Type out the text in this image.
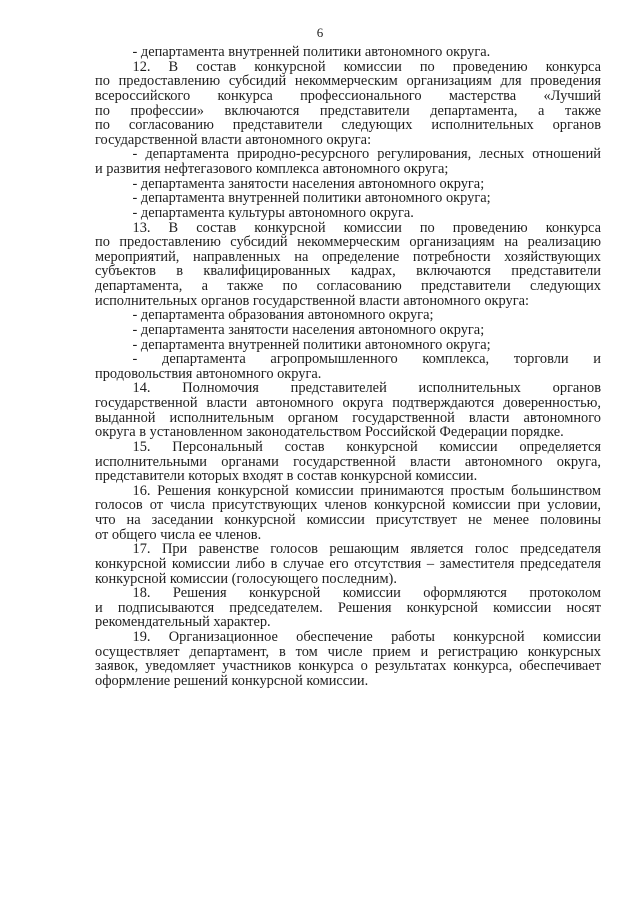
6
- департамента внутренней политики автономного округа.
12. В состав конкурсной комиссии по проведению конкурса
по предоставлению субсидий некоммерческим организациям для проведения
всероссийского конкурса профессионального мастерства «Лучший
по профессии» включаются представители департамента, а также
по согласованию представители следующих исполнительных органов
государственной власти автономного округа:
- департамента природно-ресурсного регулирования, лесных отношений
и развития нефтегазового комплекса автономного округа;
- департамента занятости населения автономного округа;
- департамента внутренней политики автономного округа;
- департамента культуры автономного округа.
13. В состав конкурсной комиссии по проведению конкурса
по предоставлению субсидий некоммерческим организациям на реализацию
мероприятий, направленных на определение потребности хозяйствующих
субъектов в квалифицированных кадрах, включаются представители
департамента, а также по согласованию представители следующих
исполнительных органов государственной власти автономного округа:
- департамента образования автономного округа;
- департамента занятости населения автономного округа;
- департамента внутренней политики автономного округа;
- департамента агропромышленного комплекса, торговли и
продовольствия автономного округа.
14. Полномочия представителей исполнительных органов
государственной власти автономного округа подтверждаются доверенностью,
выданной исполнительным органом государственной власти автономного
округа в установленном законодательством Российской Федерации порядке.
15. Персональный состав конкурсной комиссии определяется
исполнительными органами государственной власти автономного округа,
представители которых входят в состав конкурсной комиссии.
16. Решения конкурсной комиссии принимаются простым большинством
голосов от числа присутствующих членов конкурсной комиссии при условии,
что на заседании конкурсной комиссии присутствует не менее половины
от общего числа ее членов.
17. При равенстве голосов решающим является голос председателя
конкурсной комиссии либо в случае его отсутствия – заместителя председателя
конкурсной комиссии (голосующего последним).
18. Решения конкурсной комиссии оформляются протоколом
и подписываются председателем. Решения конкурсной комиссии носят
рекомендательный характер.
19. Организационное обеспечение работы конкурсной комиссии
осуществляет департамент, в том числе прием и регистрацию конкурсных
заявок, уведомляет участников конкурса о результатах конкурса, обеспечивает
оформление решений конкурсной комиссии.
